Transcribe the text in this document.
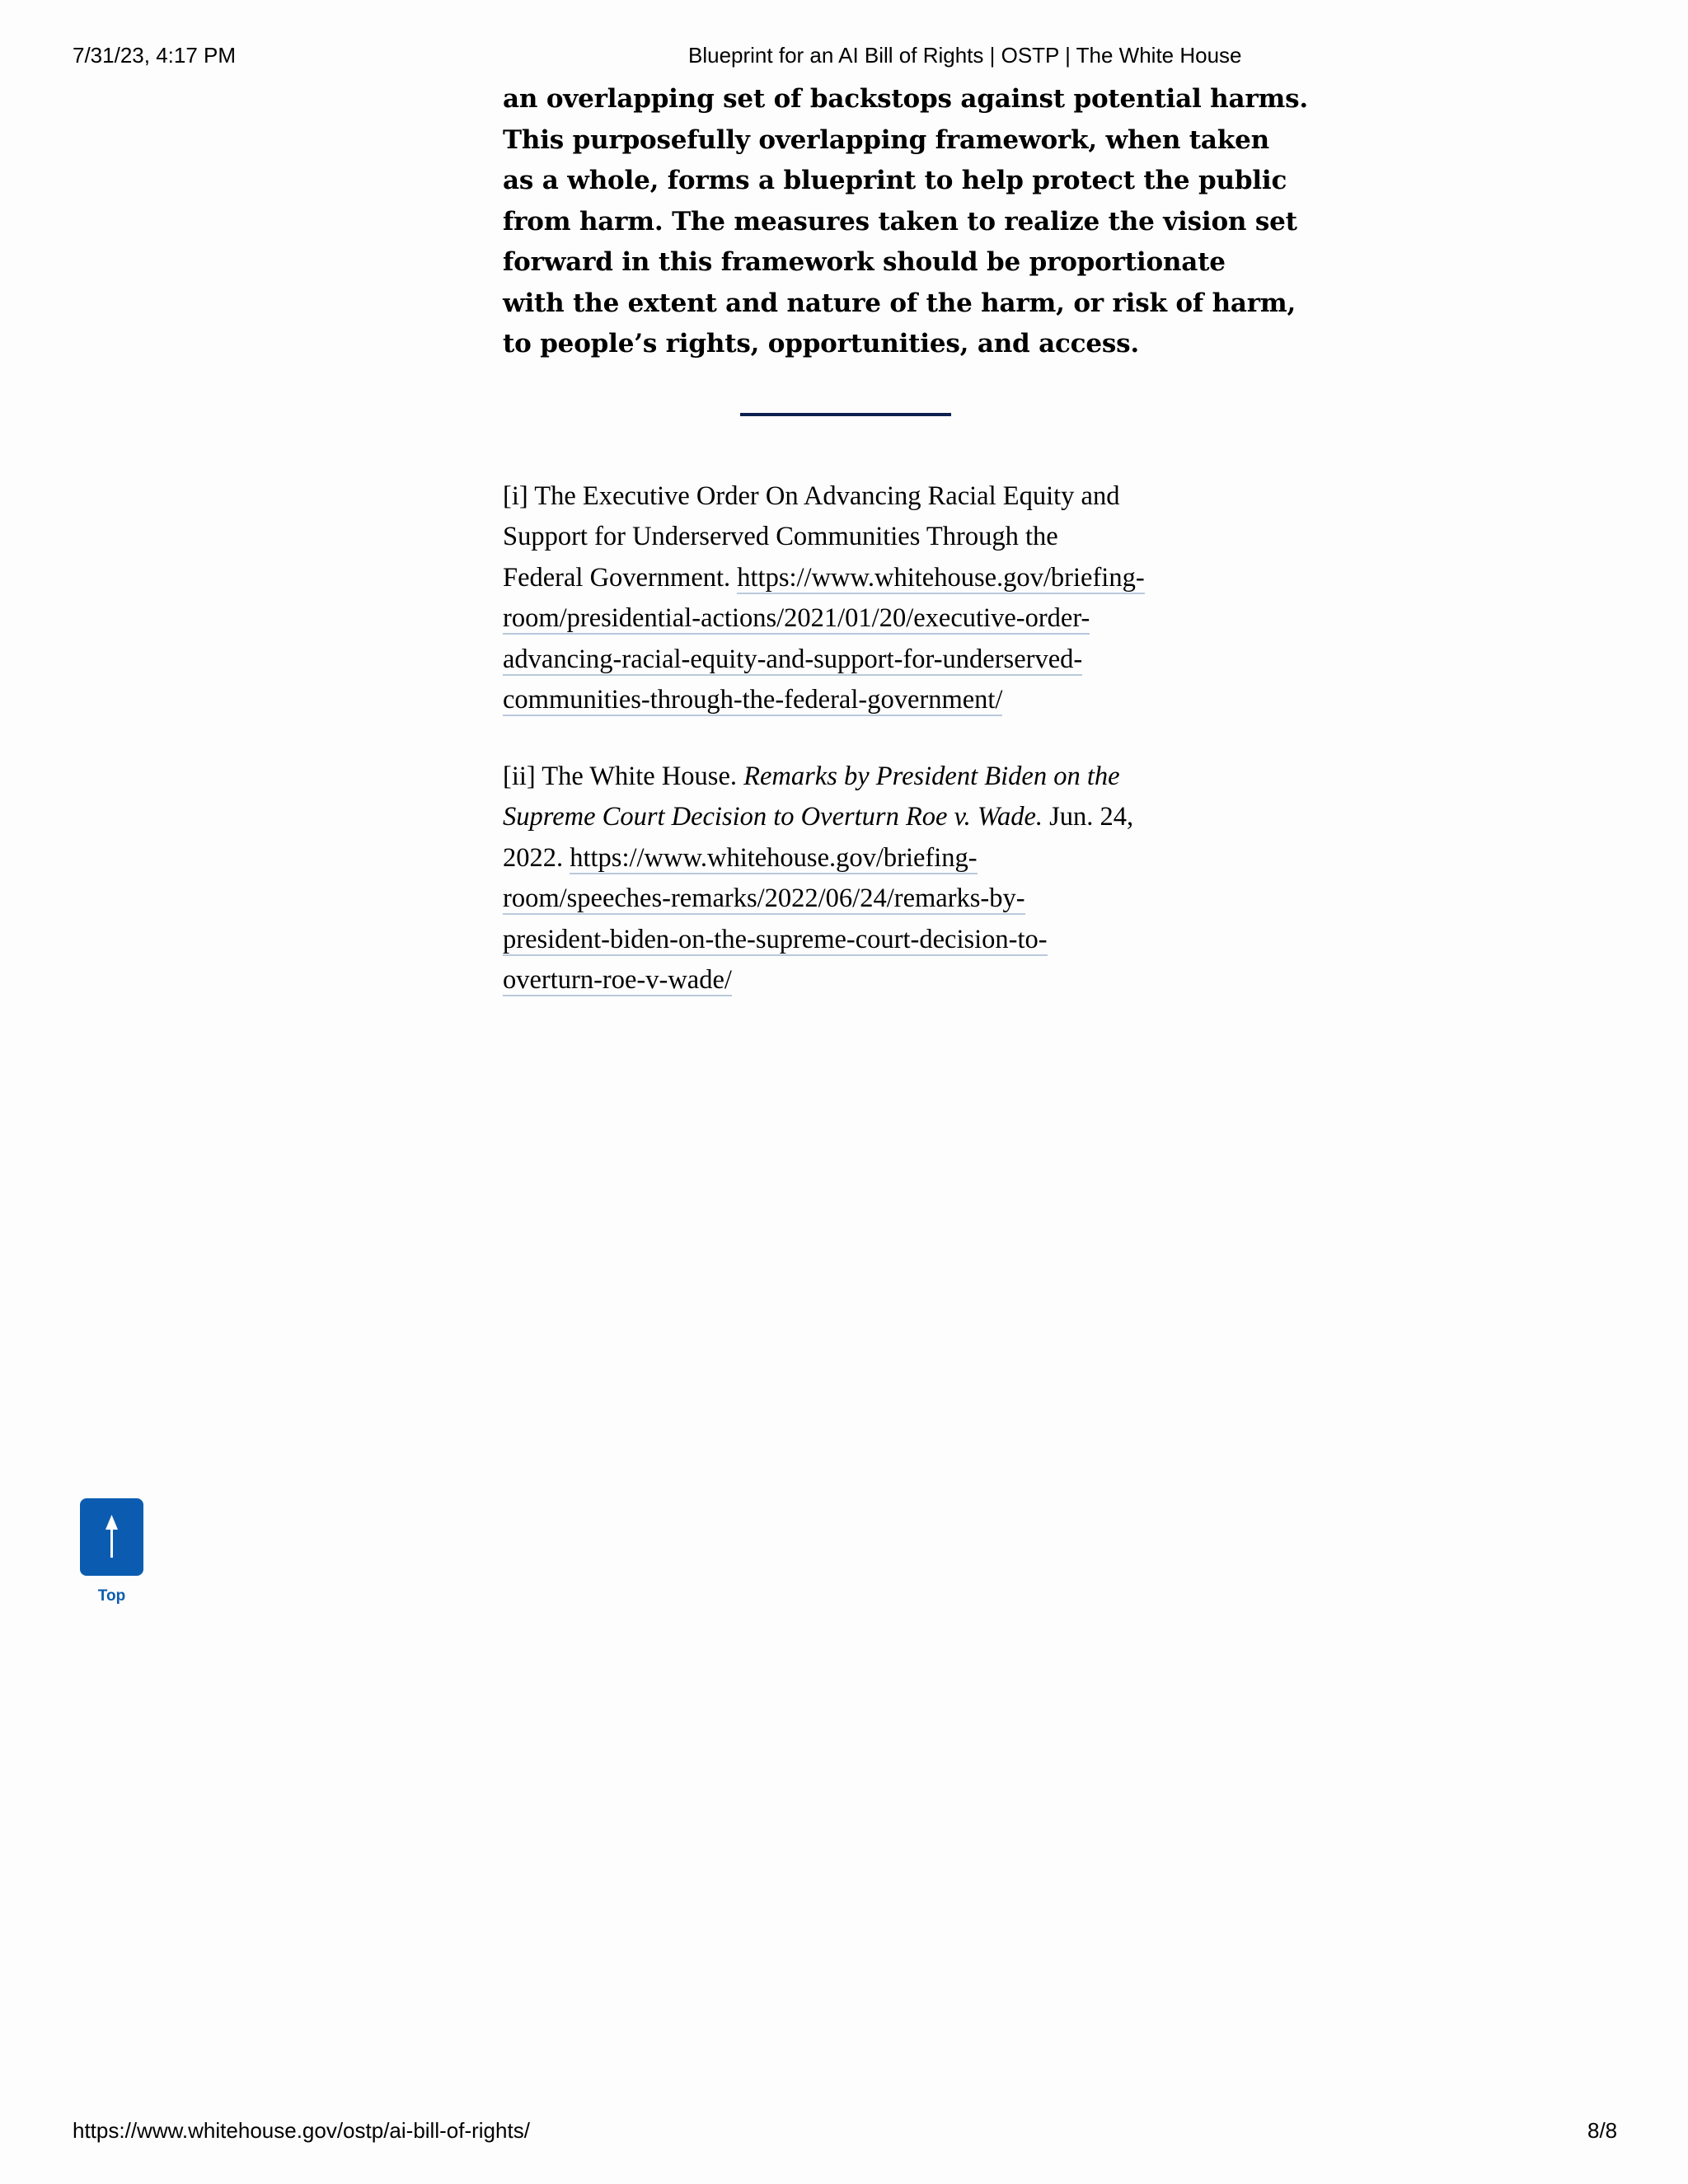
7/31/23, 4:17 PM	Blueprint for an AI Bill of Rights | OSTP | The White House

an overlapping set of backstops against potential harms.
This purposefully overlapping framework, when taken
as a whole, forms a blueprint to help protect the public
from harm. The measures taken to realize the vision set
forward in this framework should be proportionate
with the extent and nature of the harm, or risk of harm,
to people’s rights, opportunities, and access.

[i] The Executive Order On Advancing Racial Equity and
Support for Underserved Communities Through the
Federal Government. https://www.whitehouse.gov/briefing-
room/presidential-actions/2021/01/20/executive-order-
advancing-racial-equity-and-support-for-underserved-
communities-through-the-federal-government/

[ii] The White House. Remarks by President Biden on the
Supreme Court Decision to Overturn Roe v. Wade. Jun. 24,
2022. https://www.whitehouse.gov/briefing-
room/speeches-remarks/2022/06/24/remarks-by-
president-biden-on-the-supreme-court-decision-to-
overturn-roe-v-wade/

Top
https://www.whitehouse.gov/ostp/ai-bill-of-rights/	8/8
